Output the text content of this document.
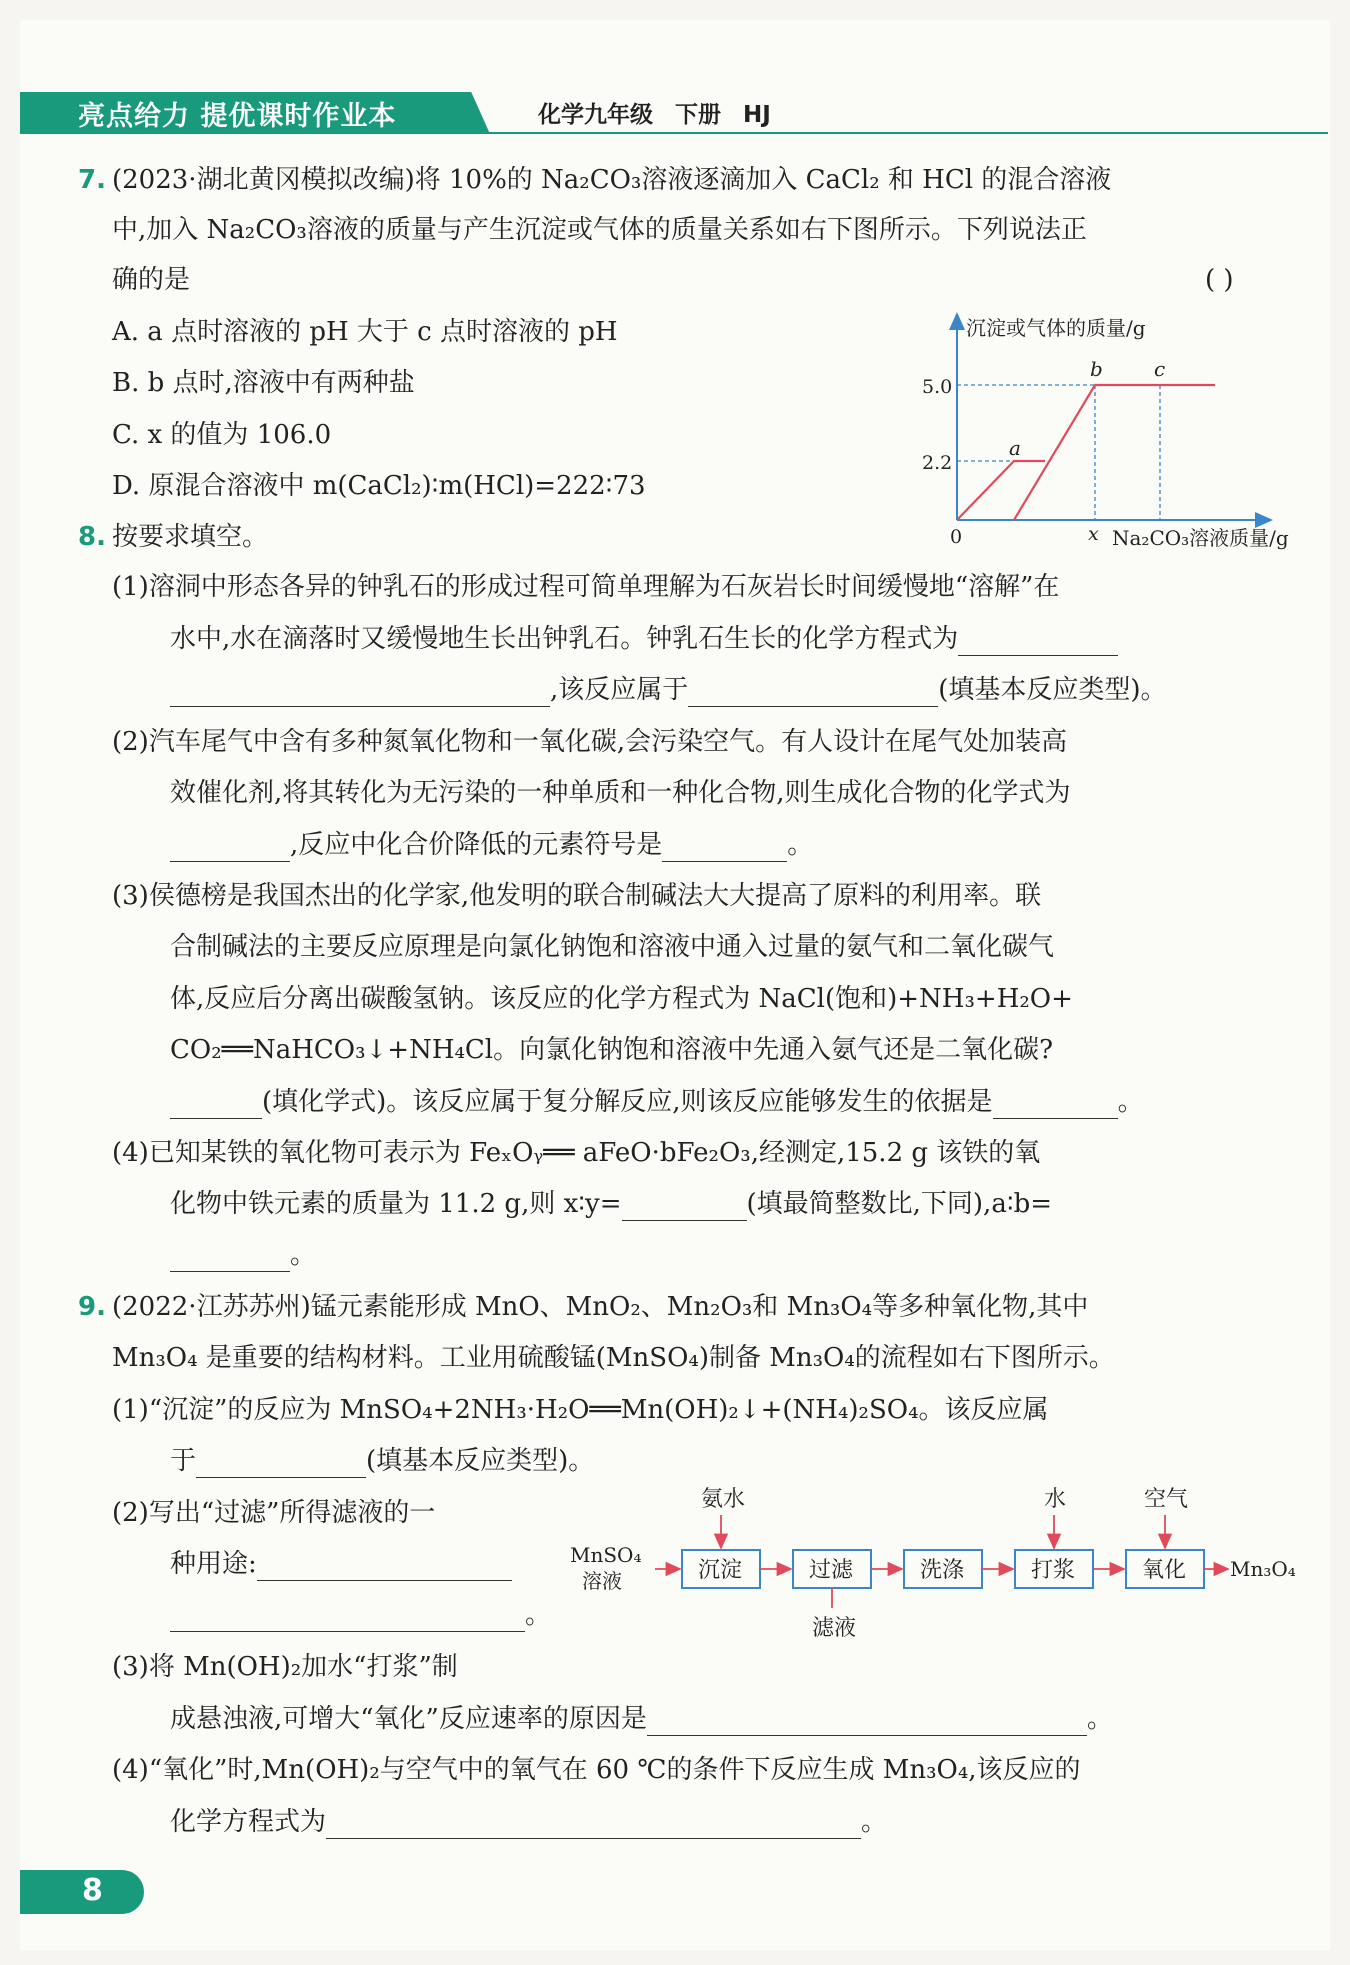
亮点给力 提优课时作业本	化学九年级 下册 HJ
7. (2023·湖北黄冈模拟改编)将 10%的 Na₂CO₃溶液逐滴加入 CaCl₂ 和 HCl 的混合溶液
中,加入 Na₂CO₃溶液的质量与产生沉淀或气体的质量关系如右下图所示。下列说法正
确的是	( )
A. a 点时溶液的 pH 大于 c 点时溶液的 pH
B. b 点时,溶液中有两种盐
C. x 的值为 106.0
D. 原混合溶液中 m(CaCl₂)∶m(HCl)=222∶73
沉淀或气体的质量/g
5.0
2.2
0	x Na₂CO₃溶液质量/g
a
b	c
8. 按要求填空。
(1)溶洞中形态各异的钟乳石的形成过程可简单理解为石灰岩长时间缓慢地“溶解”在
水中,水在滴落时又缓慢地生长出钟乳石。钟乳石生长的化学方程式为
,该反应属于	(填基本反应类型)。
(2)汽车尾气中含有多种氮氧化物和一氧化碳,会污染空气。有人设计在尾气处加装高
效催化剂,将其转化为无污染的一种单质和一种化合物,则生成化合物的化学式为
,反应中化合价降低的元素符号是	。
(3)侯德榜是我国杰出的化学家,他发明的联合制碱法大大提高了原料的利用率。联
合制碱法的主要反应原理是向氯化钠饱和溶液中通入过量的氨气和二氧化碳气
体,反应后分离出碳酸氢钠。该反应的化学方程式为 NaCl(饱和)+NH₃+H₂O+
CO₂══NaHCO₃↓+NH₄Cl。向氯化钠饱和溶液中先通入氨气还是二氧化碳?
(填化学式)。该反应属于复分解反应,则该反应能够发生的依据是	。
(4)已知某铁的氧化物可表示为 FeₓOᵧ══ aFeO·bFe₂O₃,经测定,15.2 g 该铁的氧
化物中铁元素的质量为 11.2 g,则 x∶y=	(填最简整数比,下同),a∶b=
。
9. (2022·江苏苏州)锰元素能形成 MnO、MnO₂、Mn₂O₃和 Mn₃O₄等多种氧化物,其中
Mn₃O₄ 是重要的结构材料。工业用硫酸锰(MnSO₄)制备 Mn₃O₄的流程如右下图所示。
(1)“沉淀”的反应为 MnSO₄+2NH₃·H₂O══Mn(OH)₂↓+(NH₄)₂SO₄。该反应属
于	(填基本反应类型)。
(2)写出“过滤”所得滤液的一
种用途:
。
(3)将 Mn(OH)₂加水“打浆”制
成悬浊液,可增大“氧化”反应速率的原因是	。
(4)“氧化”时,Mn(OH)₂与空气中的氧气在 60 ℃的条件下反应生成 Mn₃O₄,该反应的
化学方程式为	。
MnSO₄
溶液	沉淀	过滤	洗涤	打浆	氧化 Mn₃O₄
氨水	水	空气
滤液
8
